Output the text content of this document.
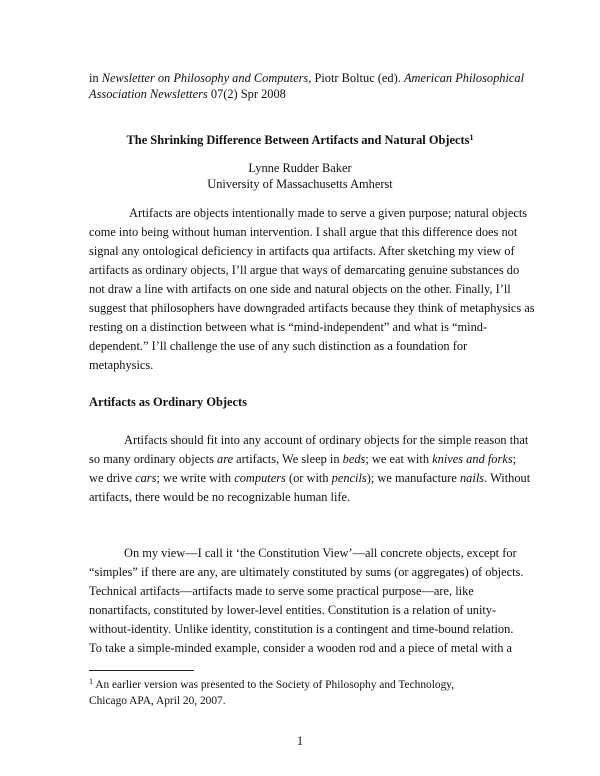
in Newsletter on Philosophy and Computers, Piotr Boltuc (ed). American Philosophical
Association Newsletters 07(2) Spr 2008
The Shrinking Difference Between Artifacts and Natural Objects$^1$
Lynne Rudder Baker
University of Massachusetts Amherst
Artifacts are objects intentionally made to serve a given purpose; natural objects
come into being without human intervention. I shall argue that this difference does not
signal any ontological deficiency in artifacts qua artifacts. After sketching my view of
artifacts as ordinary objects, I’ll argue that ways of demarcating genuine substances do
not draw a line with artifacts on one side and natural objects on the other. Finally, I’ll
suggest that philosophers have downgraded artifacts because they think of metaphysics as
resting on a distinction between what is “mind-independent” and what is “mind-
dependent.” I’ll challenge the use of any such distinction as a foundation for
metaphysics.
Artifacts as Ordinary Objects
Artifacts should fit into any account of ordinary objects for the simple reason that
so many ordinary objects are artifacts, We sleep in beds; we eat with knives and forks;
we drive cars; we write with computers (or with pencils); we manufacture nails. Without
artifacts, there would be no recognizable human life.
On my view—I call it ‘the Constitution View’—all concrete objects, except for
“simples” if there are any, are ultimately constituted by sums (or aggregates) of objects.
Technical artifacts—artifacts made to serve some practical purpose—are, like
nonartifacts, constituted by lower-level entities. Constitution is a relation of unity-
without-identity. Unlike identity, constitution is a contingent and time-bound relation.
To take a simple-minded example, consider a wooden rod and a piece of metal with a
$^1$ An earlier version was presented to the Society of Philosophy and Technology,
Chicago APA, April 20, 2007.
1
